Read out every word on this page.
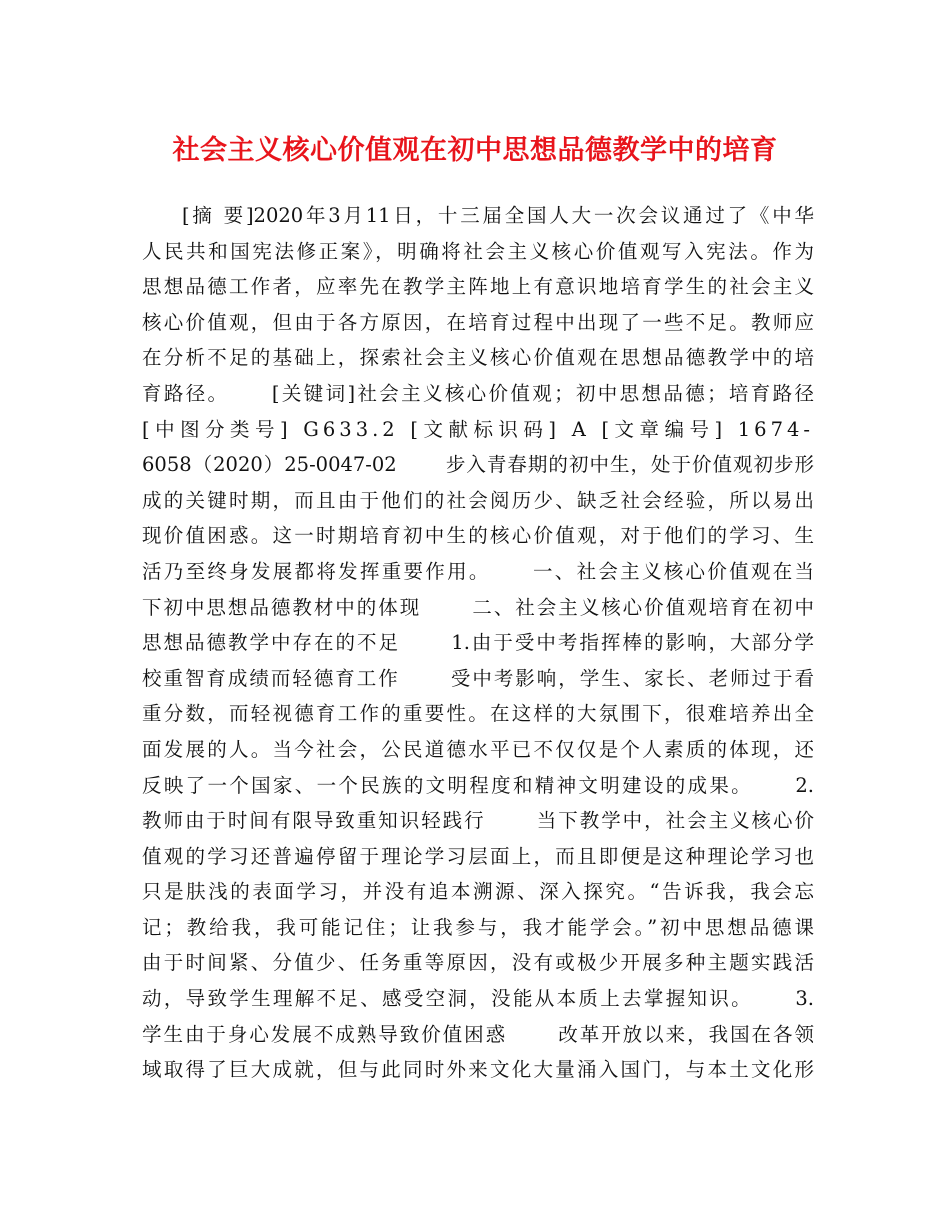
社会主义核心价值观在初中思想品德教学中的培育
[摘 要]2020年3月11日，十三届全国人大一次会议通过了《中华
人民共和国宪法修正案》，明确将社会主义核心价值观写入宪法。作为
思想品德工作者，应率先在教学主阵地上有意识地培育学生的社会主义
核心价值观，但由于各方原因，在培育过程中出现了一些不足。教师应
在分析不足的基础上，探索社会主义核心价值观在思想品德教学中的培
育路径。　　 [关键词]社会主义核心价值观；初中思想品德；培育路径
[中图分类号] G633.2 [文献标识码] A [文章编号] 1674-
6058（2020）25-0047-02　　 步入青春期的初中生，处于价值观初步形
成的关键时期，而且由于他们的社会阅历少、缺乏社会经验，所以易出
现价值困惑。这一时期培育初中生的核心价值观，对于他们的学习、生
活乃至终身发展都将发挥重要作用。　　 一、社会主义核心价值观在当
下初中思想品德教材中的体现　　 二、社会主义核心价值观培育在初中
思想品德教学中存在的不足　　 1.由于受中考指挥棒的影响，大部分学
校重智育成绩而轻德育工作　　 受中考影响，学生、家长、老师过于看
重分数，而轻视德育工作的重要性。在这样的大氛围下，很难培养出全
面发展的人。当今社会，公民道德水平已不仅仅是个人素质的体现，还
反映了一个国家、一个民族的文明程度和精神文明建设的成果。　　 2.
教师由于时间有限导致重知识轻践行　　 当下教学中，社会主义核心价
值观的学习还普遍停留于理论学习层面上，而且即便是这种理论学习也
只是肤浅的表面学习，并没有追本溯源、深入探究。“告诉我，我会忘
记；教给我，我可能记住；让我参与，我才能学会。”初中思想品德课
由于时间紧、分值少、任务重等原因，没有或极少开展多种主题实践活
动，导致学生理解不足、感受空洞，没能从本质上去掌握知识。　　 3.
学生由于身心发展不成熟导致价值困惑　　 改革开放以来，我国在各领
域取得了巨大成就，但与此同时外来文化大量涌入国门，与本土文化形
